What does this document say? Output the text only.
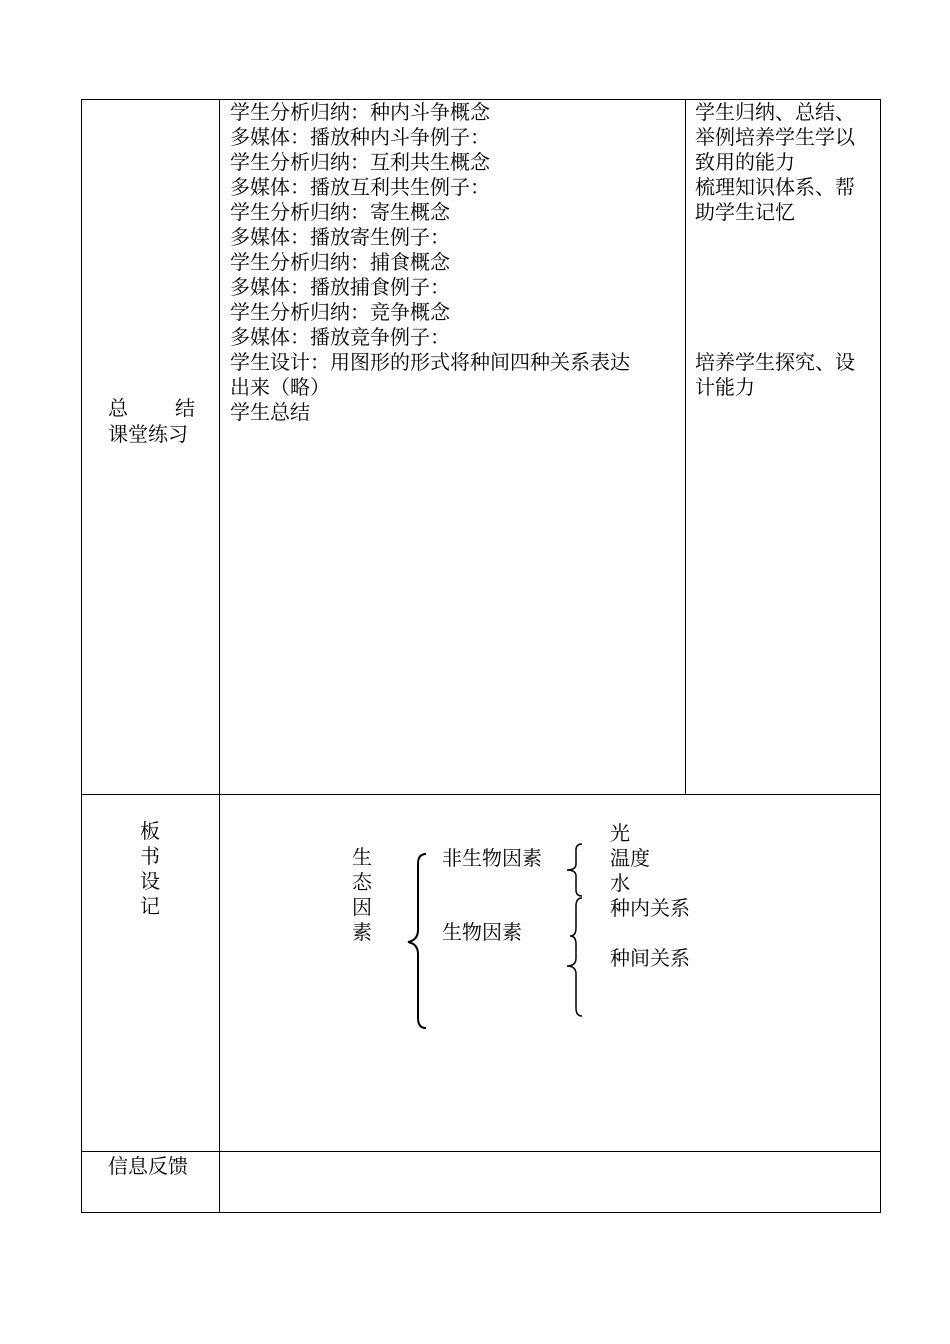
总 结
课堂练习
学生分析归纳：种内斗争概念
多媒体：播放种内斗争例子：
学生分析归纳：互利共生概念
多媒体：播放互利共生例子：
学生分析归纳：寄生概念
多媒体：播放寄生例子：
学生分析归纳：捕食概念
多媒体：播放捕食例子：
学生分析归纳：竞争概念
多媒体：播放竞争例子：
学生设计：用图形的形式将种间四种关系表达
出来（略）
学生总结
学生归纳、总结、
举例培养学生学以
致用的能力
梳理知识体系、帮
助学生记忆
培养学生探究、设
计能力
板
书
设
记
生
态
因
素
非生物因素
生物因素
光
温度
水
种内关系
种间关系
信息反馈
